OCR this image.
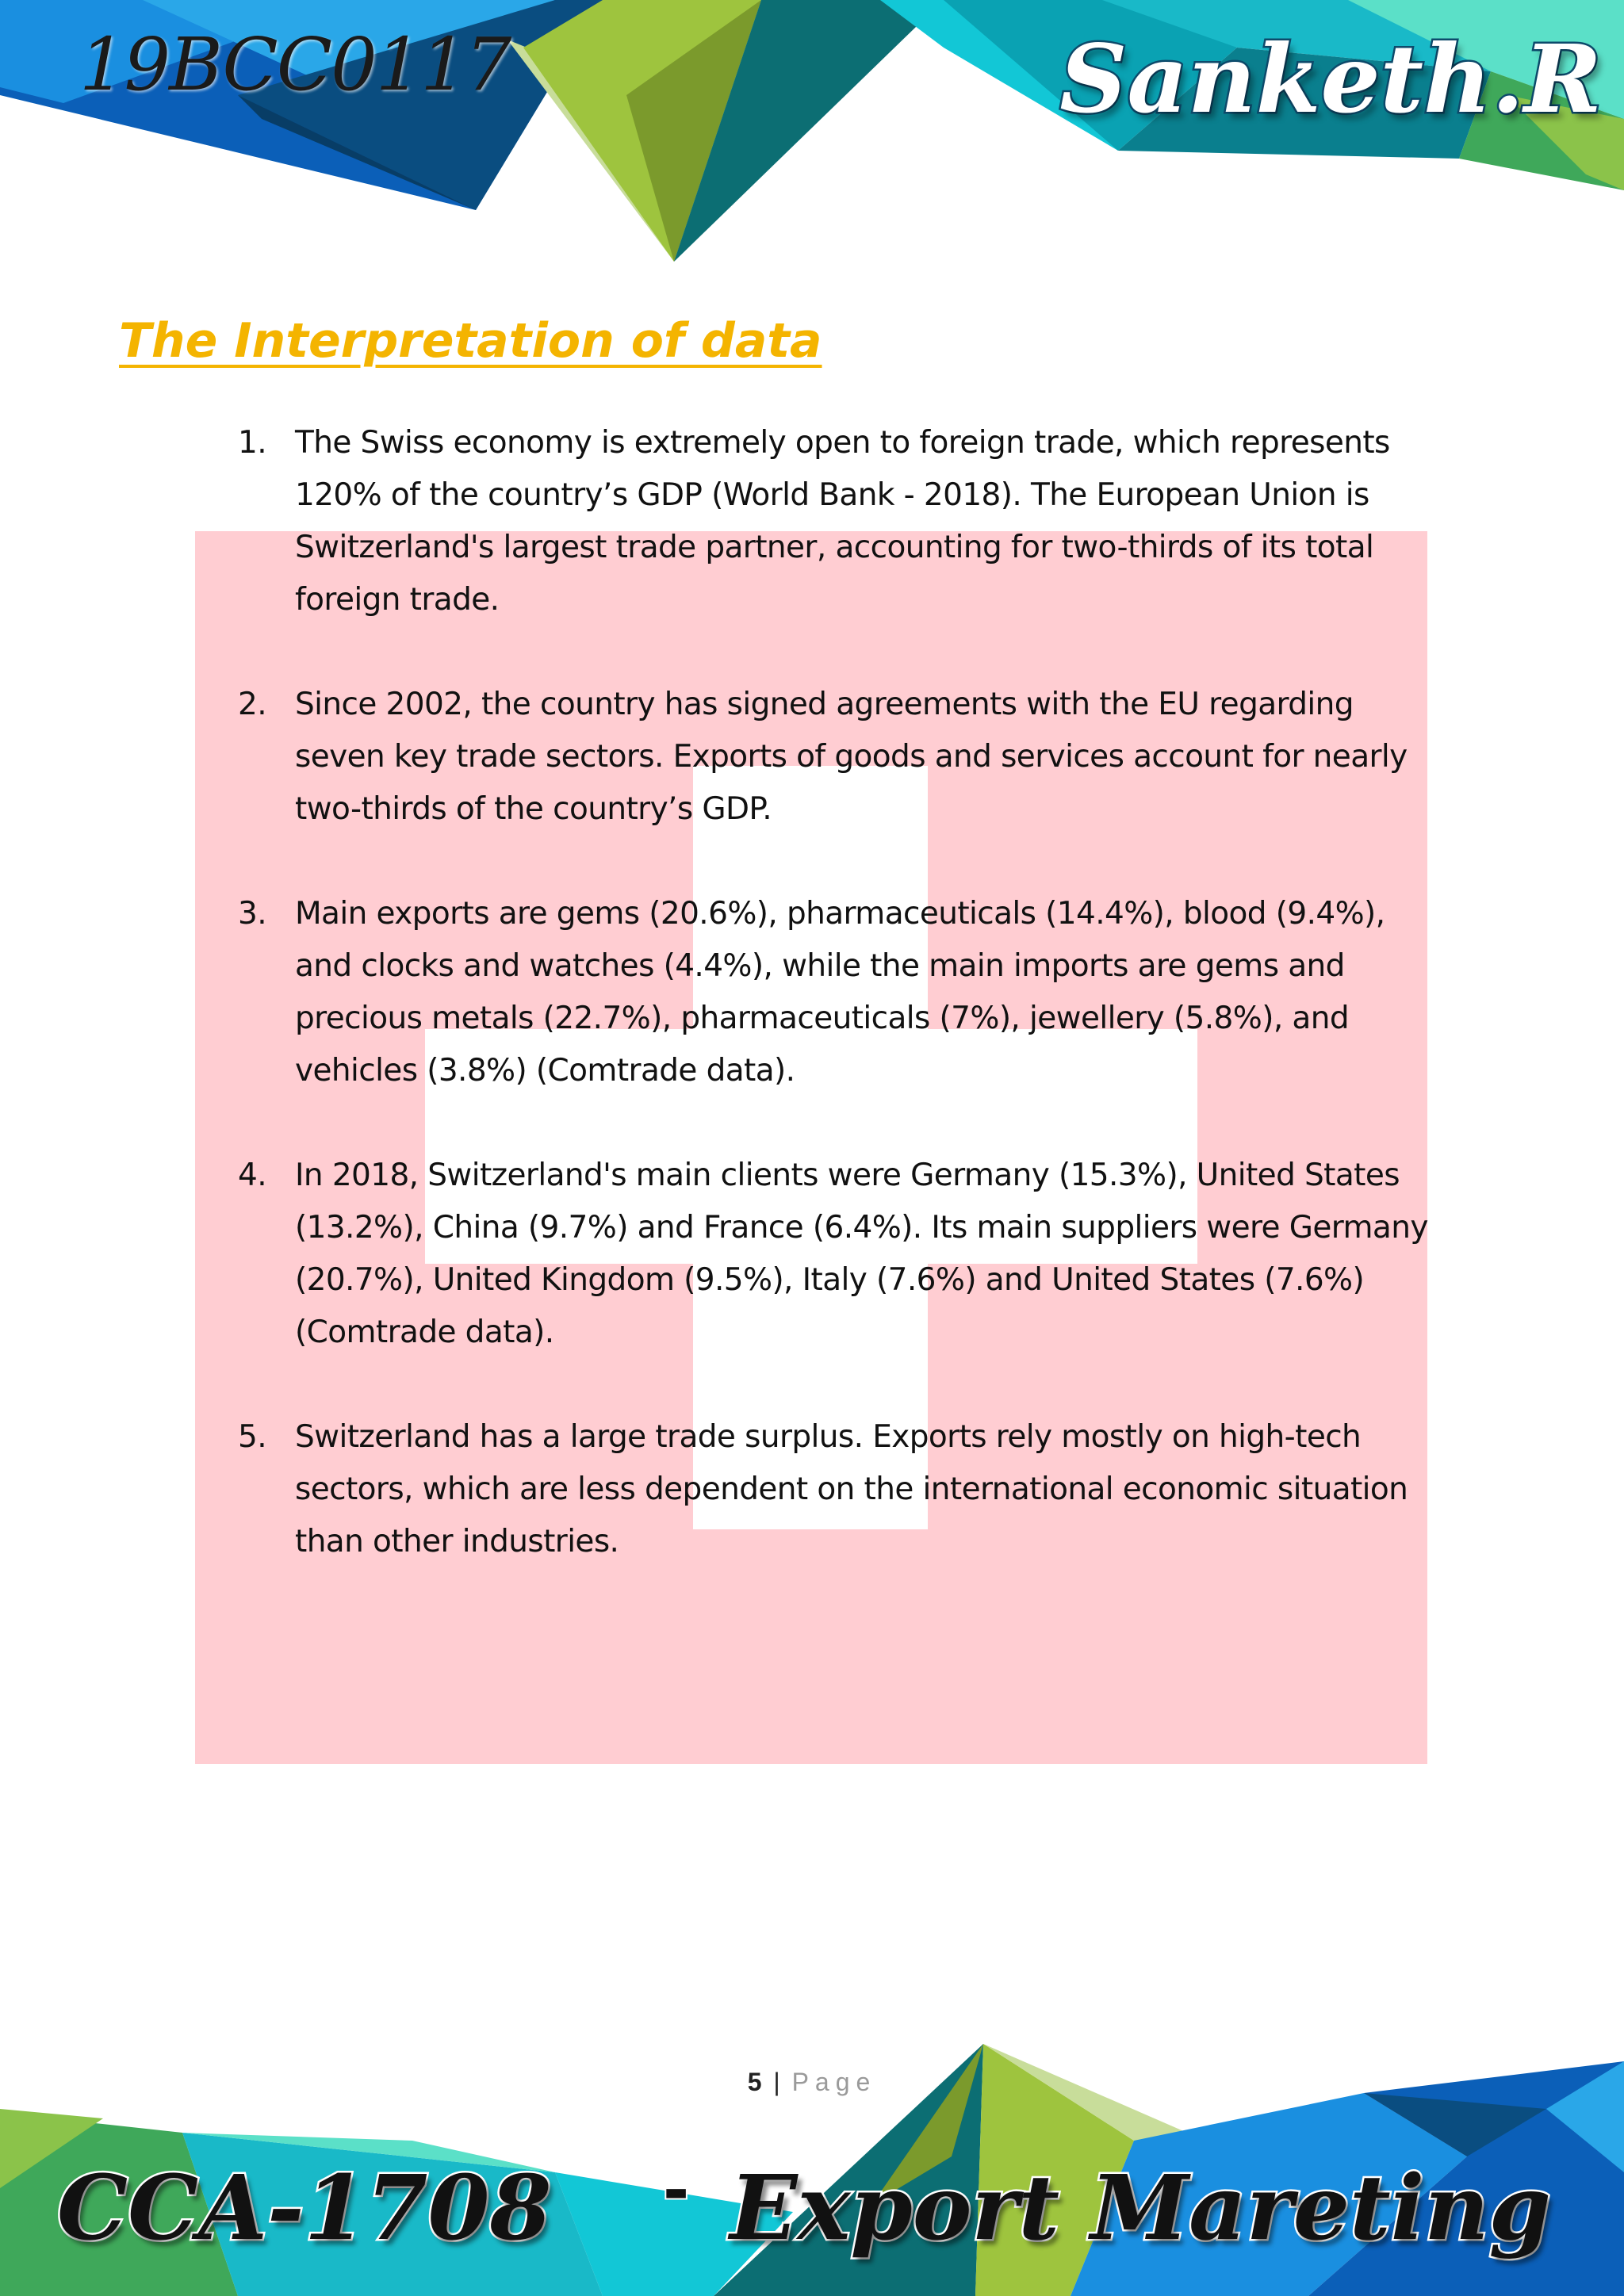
19BCC0117	Sanketh.R
The Interpretation of data
1. The Swiss economy is extremely open to foreign trade, which represents 120% of the country’s GDP (World Bank - 2018). The European Union is Switzerland's largest trade partner, accounting for two-thirds of its total foreign trade.
2. Since 2002, the country has signed agreements with the EU regarding seven key trade sectors. Exports of goods and services account for nearly two-thirds of the country’s GDP.
3. Main exports are gems (20.6%), pharmaceuticals (14.4%), blood (9.4%), and clocks and watches (4.4%), while the main imports are gems and precious metals (22.7%), pharmaceuticals (7%), jewellery (5.8%), and vehicles (3.8%) (Comtrade data).
4. In 2018, Switzerland's main clients were Germany (15.3%), United States (13.2%), China (9.7%) and France (6.4%). Its main suppliers were Germany (20.7%), United Kingdom (9.5%), Italy (7.6%) and United States (7.6%) (Comtrade data).
5. Switzerland has a large trade surplus. Exports rely mostly on high-tech sectors, which are less dependent on the international economic situation than other industries.
5 | Page
CCA-1708 - Export Mareting
